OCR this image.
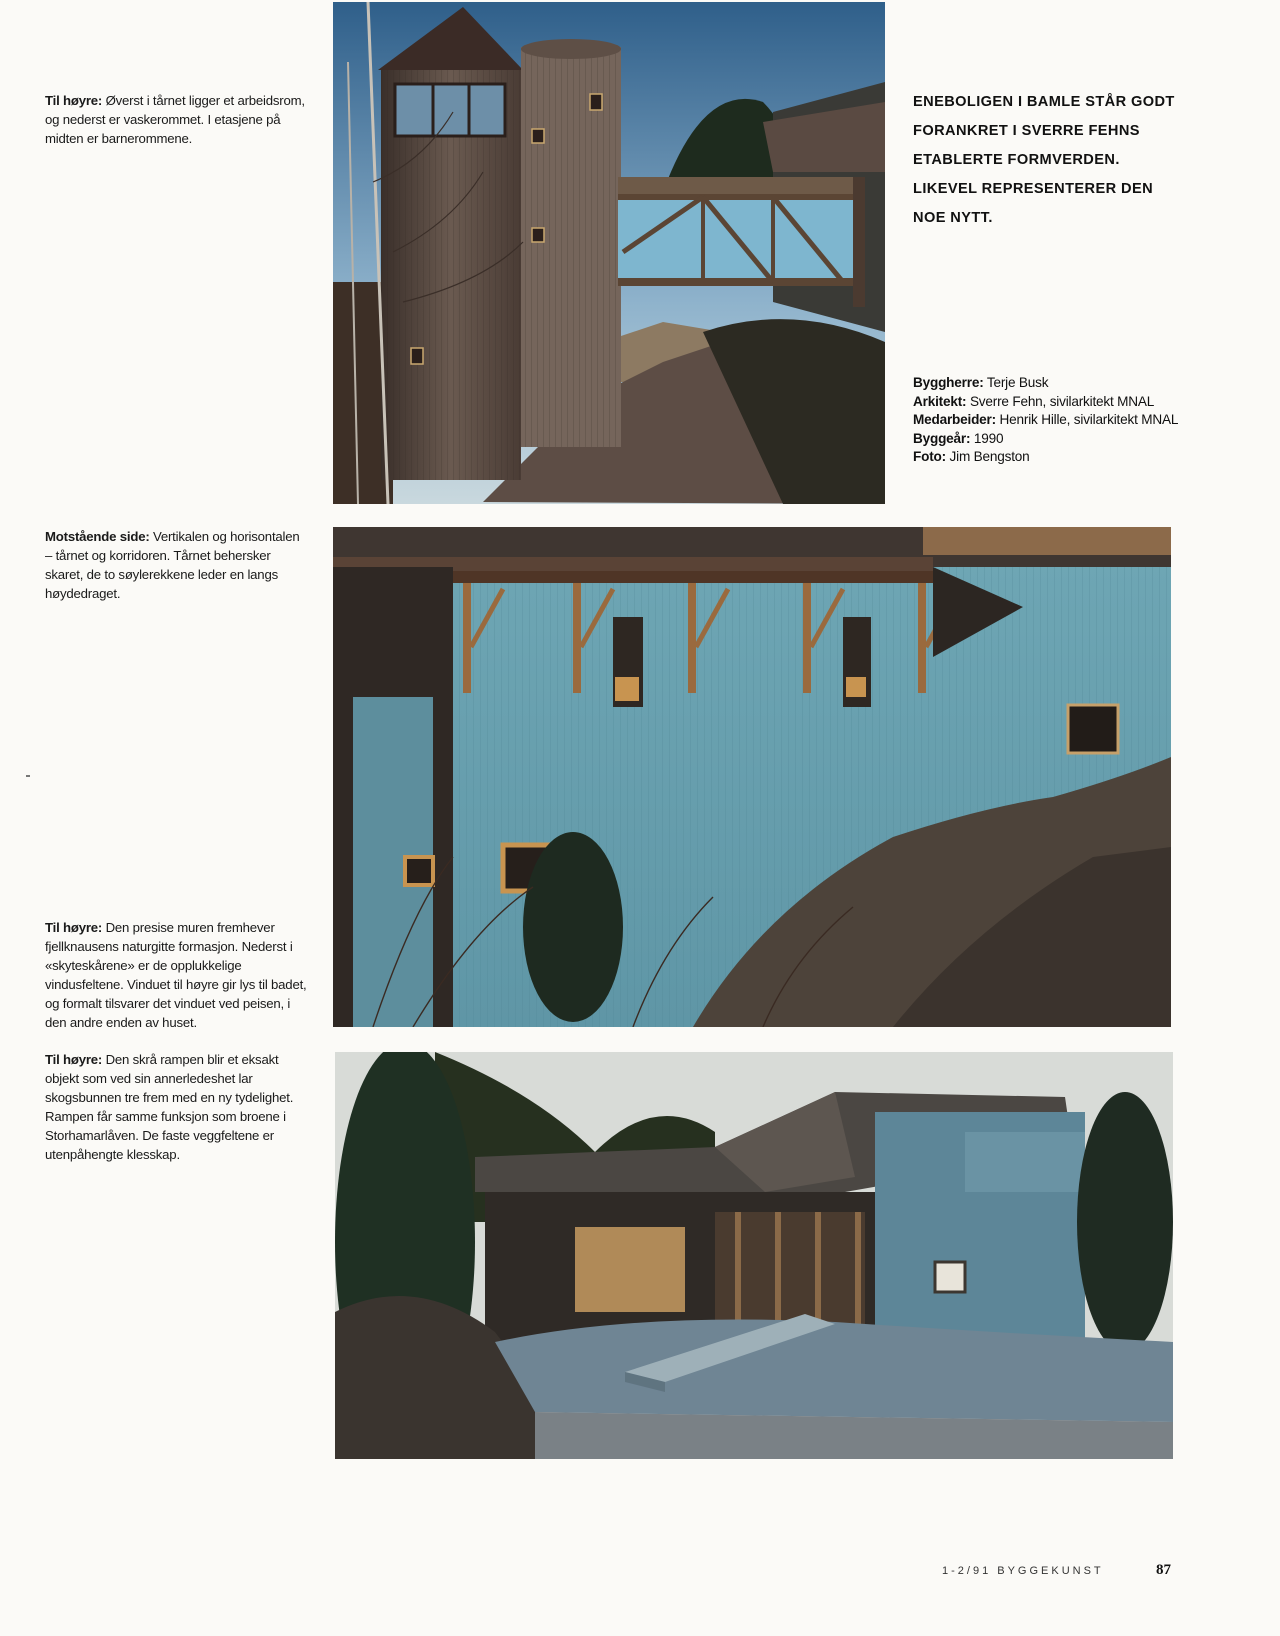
Til høyre: Øverst i tårnet ligger et arbeidsrom, og nederst er vaskerommet. I etasjene på midten er barnerommene.
Motstående side: Vertikalen og horisontalen – tårnet og korridoren. Tårnet behersker skaret, de to søylerekkene leder en langs høydedraget.
Til høyre: Den presise muren fremhever fjellknausens naturgitte formasjon. Nederst i «skyteskårene» er de opplukkelige vindusfeltene. Vinduet til høyre gir lys til badet, og formalt tilsvarer det vinduet ved peisen, i den andre enden av huset.
Til høyre: Den skrå rampen blir et eksakt objekt som ved sin annerledeshet lar skogsbunnen tre frem med en ny tydelighet. Rampen får samme funksjon som broene i Storhamarlåven. De faste veggfeltene er utenpåhengte klesskap.
ENEBOLIGEN I BAMLE STÅR GODT FORANKRET I SVERRE FEHNS ETABLERTE FORMVERDEN. LIKEVEL REPRESENTERER DEN NOE NYTT.
Byggherre: Terje Busk
Arkitekt: Sverre Fehn, sivilarkitekt MNAL
Medarbeider: Henrik Hille, sivilarkitekt MNAL
Byggeår: 1990
Foto: Jim Bengston
1-2/91 BYGGEKUNST	87
